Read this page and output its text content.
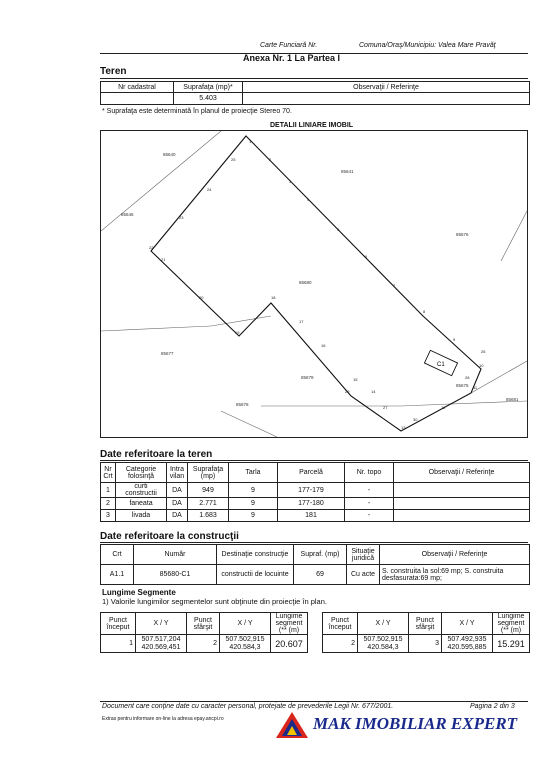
Carte Funciară Nr.	Comuna/Oraş/Municipiu: Valea Mare Pravăţ
Anexa Nr. 1 La Partea I
Teren
Nr cadastral	Suprafaţa (mp)*	Observaţii / Referinţe
	5.403	
* Suprafaţa este determinată în planul de proiecţie Stereo 70.
DETALII LINIARE IMOBIL
C1
85680
85640
85646
85677
85679
85678
85641
85676
85675
85681
1
2
3
4
5
6
7
8
9
10
11
12
13
14
15
16
17
18
19
20
21
22
23
24
25
26
27
28
29
30
Date referitoare la teren
Nr Crt	Categorie folosinţă	Intra vilan	Suprafaţa (mp)	Tarla	Parcelă	Nr. topo	Observaţii / Referinţe
1	curti constructii	DA	949	9	177-179	-	
2	faneata	DA	2.771	9	177-180	-	
3	livada	DA	1.683	9	181	-	
Date referitoare la construcţii
Crt	Număr	Destinaţie construcţie	Supraf. (mp)	Situaţie juridică	Observaţii / Referinţe
A1.1	85680-C1	constructii de locuinte	69	Cu acte	S. construita la sol:69 mp; S. construita desfasurata:69 mp;
Lungime Segmente
1) Valorile lungimilor segmentelor sunt obţinute din proiecţie în plan.
Punct început	X / Y	Punct sfârşit	X / Y	Lungime segment (** (m)
1	507.517,204
420.569,451	2	507.502,915
420.584,3	20.607
Punct început	X / Y	Punct sfârşit	X / Y	Lungime segment (** (m)
2	507.502,915
420.584,3	3	507.492,935
420.595,885	15.291
Document care conţine date cu caracter personal, protejate de prevederile Legii Nr. 677/2001.	Pagina 2 din 3
Extras pentru informare on-line la adresa epay.ancpi.ro	MAK IMOBILIAR EXPERT
